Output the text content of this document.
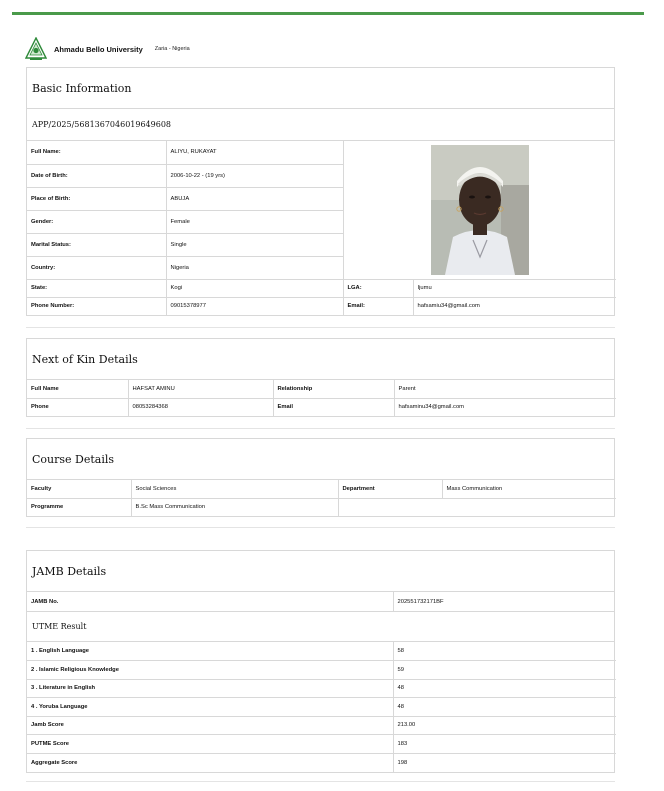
Ahmadu Bello University Zaria - Nigeria
Basic Information
APP/2025/5681367046019649608
Full Name:	ALIYU, RUKAYAT	

Date of Birth:	2006-10-22 - (19 yrs)		
Place of Birth:	ABUJA		
Gender:	Female		
Marital Status:	Single		
Country:	Nigeria		
State:	Kogi	LGA:	Ijumu
Phone Number:	09015378977	Email:	hafsamiu34@gmail.com
Next of Kin Details
Full Name	HAFSAT AMINU	Relationship	Parent
Phone	08053284368	Email	hafsaminu34@gmail.com
Course Details
Faculty	Social Sciences	Department	Mass Communication
Programme	B.Sc Mass Communication		
JAMB Details
JAMB No.	202551732171BF
UTME Result
1 . English Language	58
2 . Islamic Religious Knowledge	59
3 . Literature in English	48
4 . Yoruba Language	48
Jamb Score	213.00
PUTME Score	183
Aggregate Score	198
